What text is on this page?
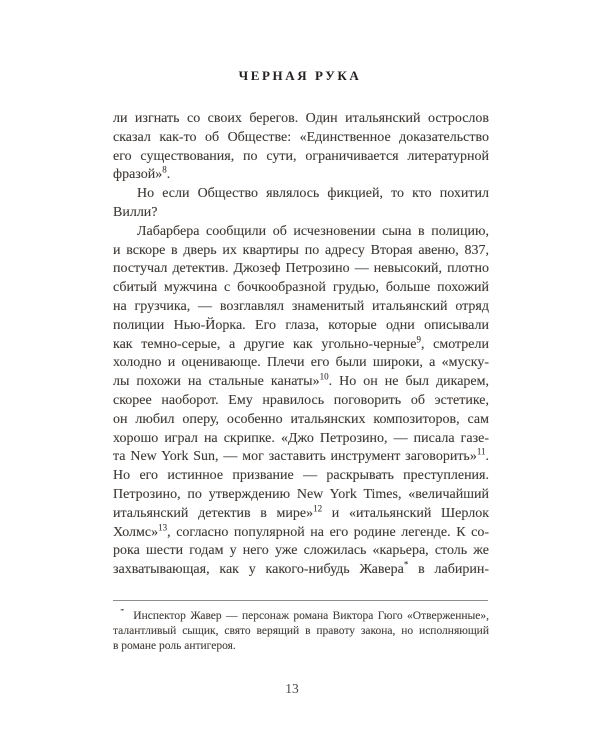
ЧЕРНАЯ РУКА
ли изгнать со своих берегов. Один итальянский острослов
сказал как-то об Обществе: «Единственное доказательство
его существования, по сути, ограничивается литературной
фразой»$^8$.
Но если Общество являлось фикцией, то кто похитил
Вилли?
Лабарбера сообщили об исчезновении сына в полицию,
и вскоре в дверь их квартиры по адресу Вторая авеню, 837,
постучал детектив. Джозеф Петрозино — невысокий, плотно
сбитый мужчина с бочкообразной грудью, больше похожий
на грузчика, — возглавлял знаменитый итальянский отряд
полиции Нью-Йорка. Его глаза, которые одни описывали
как темно-серые, а другие как угольно-черные$^9$, смотрели
холодно и оценивающе. Плечи его были широки, а «муску-
лы похожи на стальные канаты»$^{10}$. Но он не был дикарем,
скорее наоборот. Ему нравилось поговорить об эстетике,
он любил оперу, особенно итальянских композиторов, сам
хорошо играл на скрипке. «Джо Петрозино, — писала газе-
та New York Sun, — мог заставить инструмент заговорить»$^{11}$.
Но его истинное призвание — раскрывать преступления.
Петрозино, по утверждению New York Times, «величайший
итальянский детектив в мире»$^{12}$ и «итальянский Шерлок
Холмс»$^{13}$, согласно популярной на его родине легенде. К со-
рока шести годам у него уже сложилась «карьера, столь же
захватывающая, как у какого-нибудь Жавера* в лабирин-
*  Инспектор Жавер — персонаж романа Виктора Гюго «Отверженные»,
талантливый сыщик, свято верящий в правоту закона, но исполняющий
в романе роль антигероя.
13
